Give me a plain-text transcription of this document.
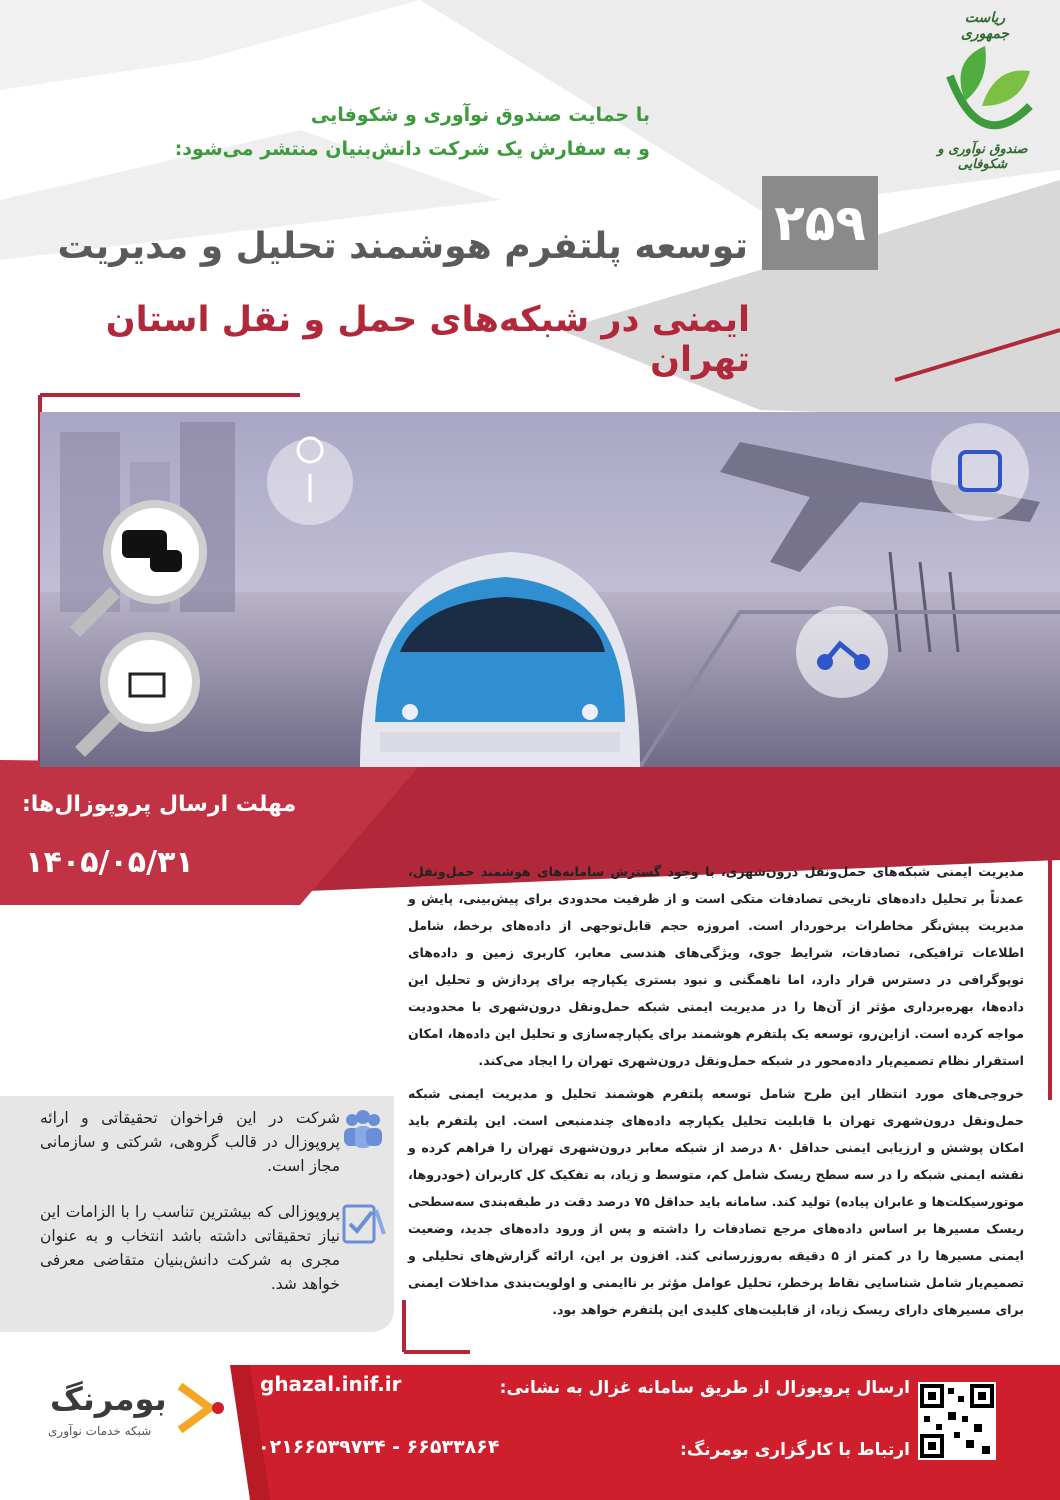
ریاست جمهوری
صندوق نوآوری و شکوفایی
با حمایت صندوق نوآوری و شکوفایی
و به سفارش یک شرکت دانش‌بنیان منتشر می‌شود:
۲۵۹
توسعه پلتفرم هوشمند تحلیل و مدیریت
ایمنی در شبکه‌های حمل و نقل استان تهران
مهلت ارسال پروپوزال‌ها:
۱۴۰۵/۰۵/۳۱	مدیریت ایمنی شبکه‌های حمل‌ونقل درون‌شهری، با وجود گسترش سامانه‌های هوشمند حمل‌ونقل، عمدتاً بر تحلیل داده‌های تاریخی تصادفات متکی است و از ظرفیت محدودی برای پیش‌بینی، پایش و مدیریت پیش‌نگر مخاطرات برخوردار است. امروزه حجم قابل‌توجهی از داده‌های برخط، شامل اطلاعات ترافیکی، تصادفات، شرایط جوی، ویژگی‌های هندسی معابر، کاربری زمین و داده‌های توپوگرافی در دسترس قرار دارد، اما ناهمگنی و نبود بستری یکپارچه برای پردازش و تحلیل این داده‌ها، بهره‌برداری مؤثر از آن‌ها را در مدیریت ایمنی شبکه حمل‌ونقل درون‌شهری با محدودیت مواجه کرده است. ازاین‌رو، توسعه یک پلتفرم هوشمند برای یکپارچه‌سازی و تحلیل این داده‌ها، امکان استقرار نظام تصمیم‌یار داده‌محور در شبکه حمل‌ونقل درون‌شهری تهران را ایجاد می‌کند.

خروجی‌های مورد انتظار این طرح شامل توسعه پلتفرم هوشمند تحلیل و مدیریت ایمنی شبکه حمل‌ونقل درون‌شهری تهران با قابلیت تحلیل یکپارچه داده‌های چندمنبعی است. این پلتفرم باید امکان پوشش و ارزیابی ایمنی حداقل ۸۰ درصد از شبکه معابر درون‌شهری تهران را فراهم کرده و نقشه ایمنی شبکه را در سه سطح ریسک شامل کم، متوسط و زیاد، به تفکیک کل کاربران (خودروها، موتورسیکلت‌ها و عابران پیاده) تولید کند. سامانه باید حداقل ۷۵ درصد دقت در طبقه‌بندی سه‌سطحی ریسک مسیرها بر اساس داده‌های مرجع تصادفات را داشته و پس از ورود داده‌های جدید، وضعیت ایمنی مسیرها را در کمتر از ۵ دقیقه به‌روزرسانی کند. افزون بر این، ارائه گزارش‌های تحلیلی و تصمیم‌یار شامل شناسایی نقاط پرخطر، تحلیل عوامل مؤثر بر ناایمنی و اولویت‌بندی مداخلات ایمنی برای مسیرهای دارای ریسک زیاد، از قابلیت‌های کلیدی این پلتفرم خواهد بود.

شرکت در این فراخوان تحقیقاتی و ارائه پروپوزال در قالب گروهی، شرکتی و سازمانی مجاز است.
پروپوزالی که بیشترین تناسب را با الزامات این نیاز تحقیقاتی داشته باشد انتخاب و به عنوان مجری به شرکت دانش‌بنیان متقاضی معرفی خواهد شد.
ارسال پروپوزال از طریق سامانه غزال به نشانی:
ghazal.inif.ir
ارتباط با کارگزاری بومرنگ:
۰۲۱۶۶۵۳۹۷۳۴ - ۶۶۵۳۳۸۶۴
بومرنگ
شبکه خدمات نوآوری
